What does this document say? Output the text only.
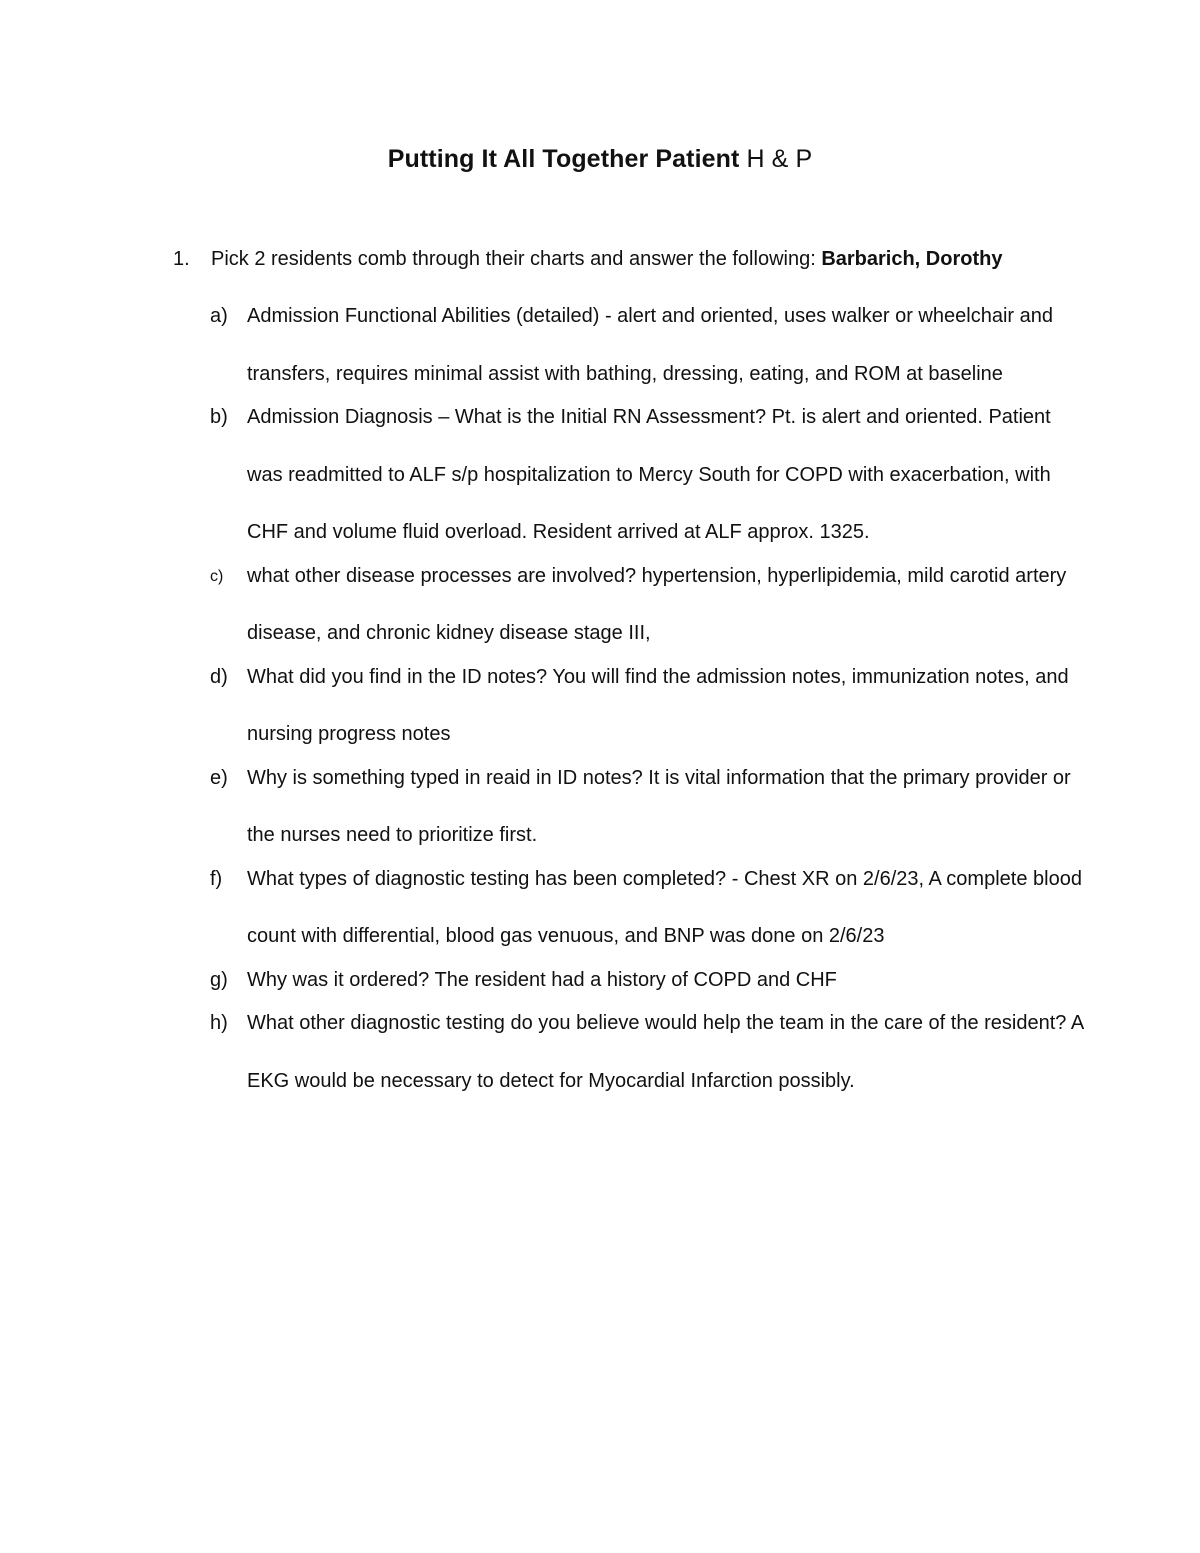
Putting It All Together Patient H & P
1. Pick 2 residents comb through their charts and answer the following: Barbarich, Dorothy
a) Admission Functional Abilities (detailed) - alert and oriented, uses walker or wheelchair and transfers, requires minimal assist with bathing, dressing, eating, and ROM at baseline
b) Admission Diagnosis – What is the Initial RN Assessment? Pt. is alert and oriented. Patient was readmitted to ALF s/p hospitalization to Mercy South for COPD with exacerbation, with CHF and volume fluid overload. Resident arrived at ALF approx. 1325.
c) what other disease processes are involved? hypertension, hyperlipidemia, mild carotid artery disease, and chronic kidney disease stage III,
d) What did you find in the ID notes? You will find the admission notes, immunization notes, and nursing progress notes
e) Why is something typed in reaid in ID notes? It is vital information that the primary provider or the nurses need to prioritize first.
f) What types of diagnostic testing has been completed? - Chest XR on 2/6/23, A complete blood count with differential, blood gas venuous, and BNP was done on 2/6/23
g) Why was it ordered? The resident had a history of COPD and CHF
h) What other diagnostic testing do you believe would help the team in the care of the resident? A EKG would be necessary to detect for Myocardial Infarction possibly.
